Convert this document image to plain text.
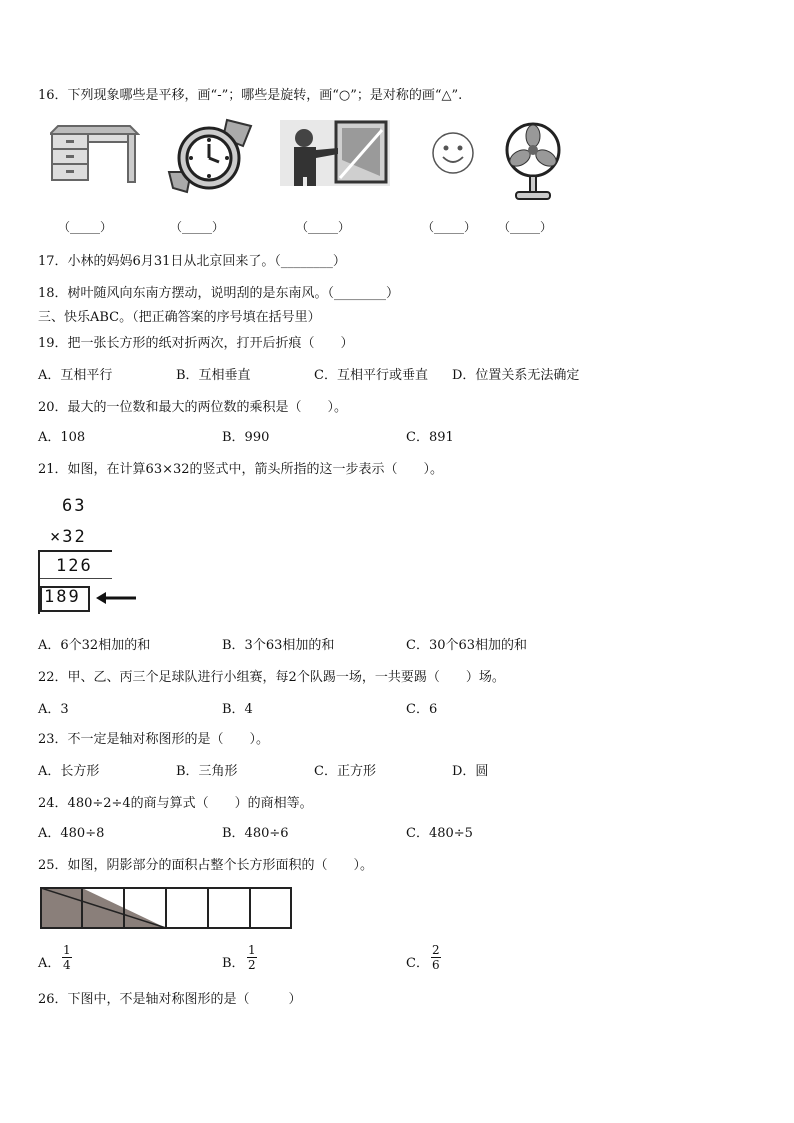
16．下列现象哪些是平移，画“-”；哪些是旋转，画“○”；是对称的画“△”.
（_____）	（_____）	（_____）	（_____） （_____）
17．小林的妈妈6月31日从北京回来了。（________）
18．树叶随风向东南方摆动，说明刮的是东南风。（________）
三、快乐ABC。（把正确答案的序号填在括号里）
19．把一张长方形的纸对折两次，打开后折痕（　　）
A．互相平行	B．互相垂直	C．互相平行或垂直 D．位置关系无法确定
20．最大的一位数和最大的两位数的乘积是（　　）。
A．108	B．990	C．891
21．如图，在计算63×32的竖式中，箭头所指的这一步表示（　　）。
63
×32
126
189
A．6个32相加的和	B．3个63相加的和	C．30个63相加的和
22．甲、乙、丙三个足球队进行小组赛，每2个队踢一场，一共要踢（　　）场。
A．3	B．4	C．6
23．不一定是轴对称图形的是（　　）。
A．长方形	B．三角形	C．正方形	D．圆
24．480÷2÷4的商与算式（　　）的商相等。
A．480÷8	B．480÷6	C．480÷5
25．如图，阴影部分的面积占整个长方形面积的（　　）。
A． $\frac{1}{4}$	B． $\frac{1}{2}$	C． $\frac{2}{6}$
26．下图中，不是轴对称图形的是（　　　）
